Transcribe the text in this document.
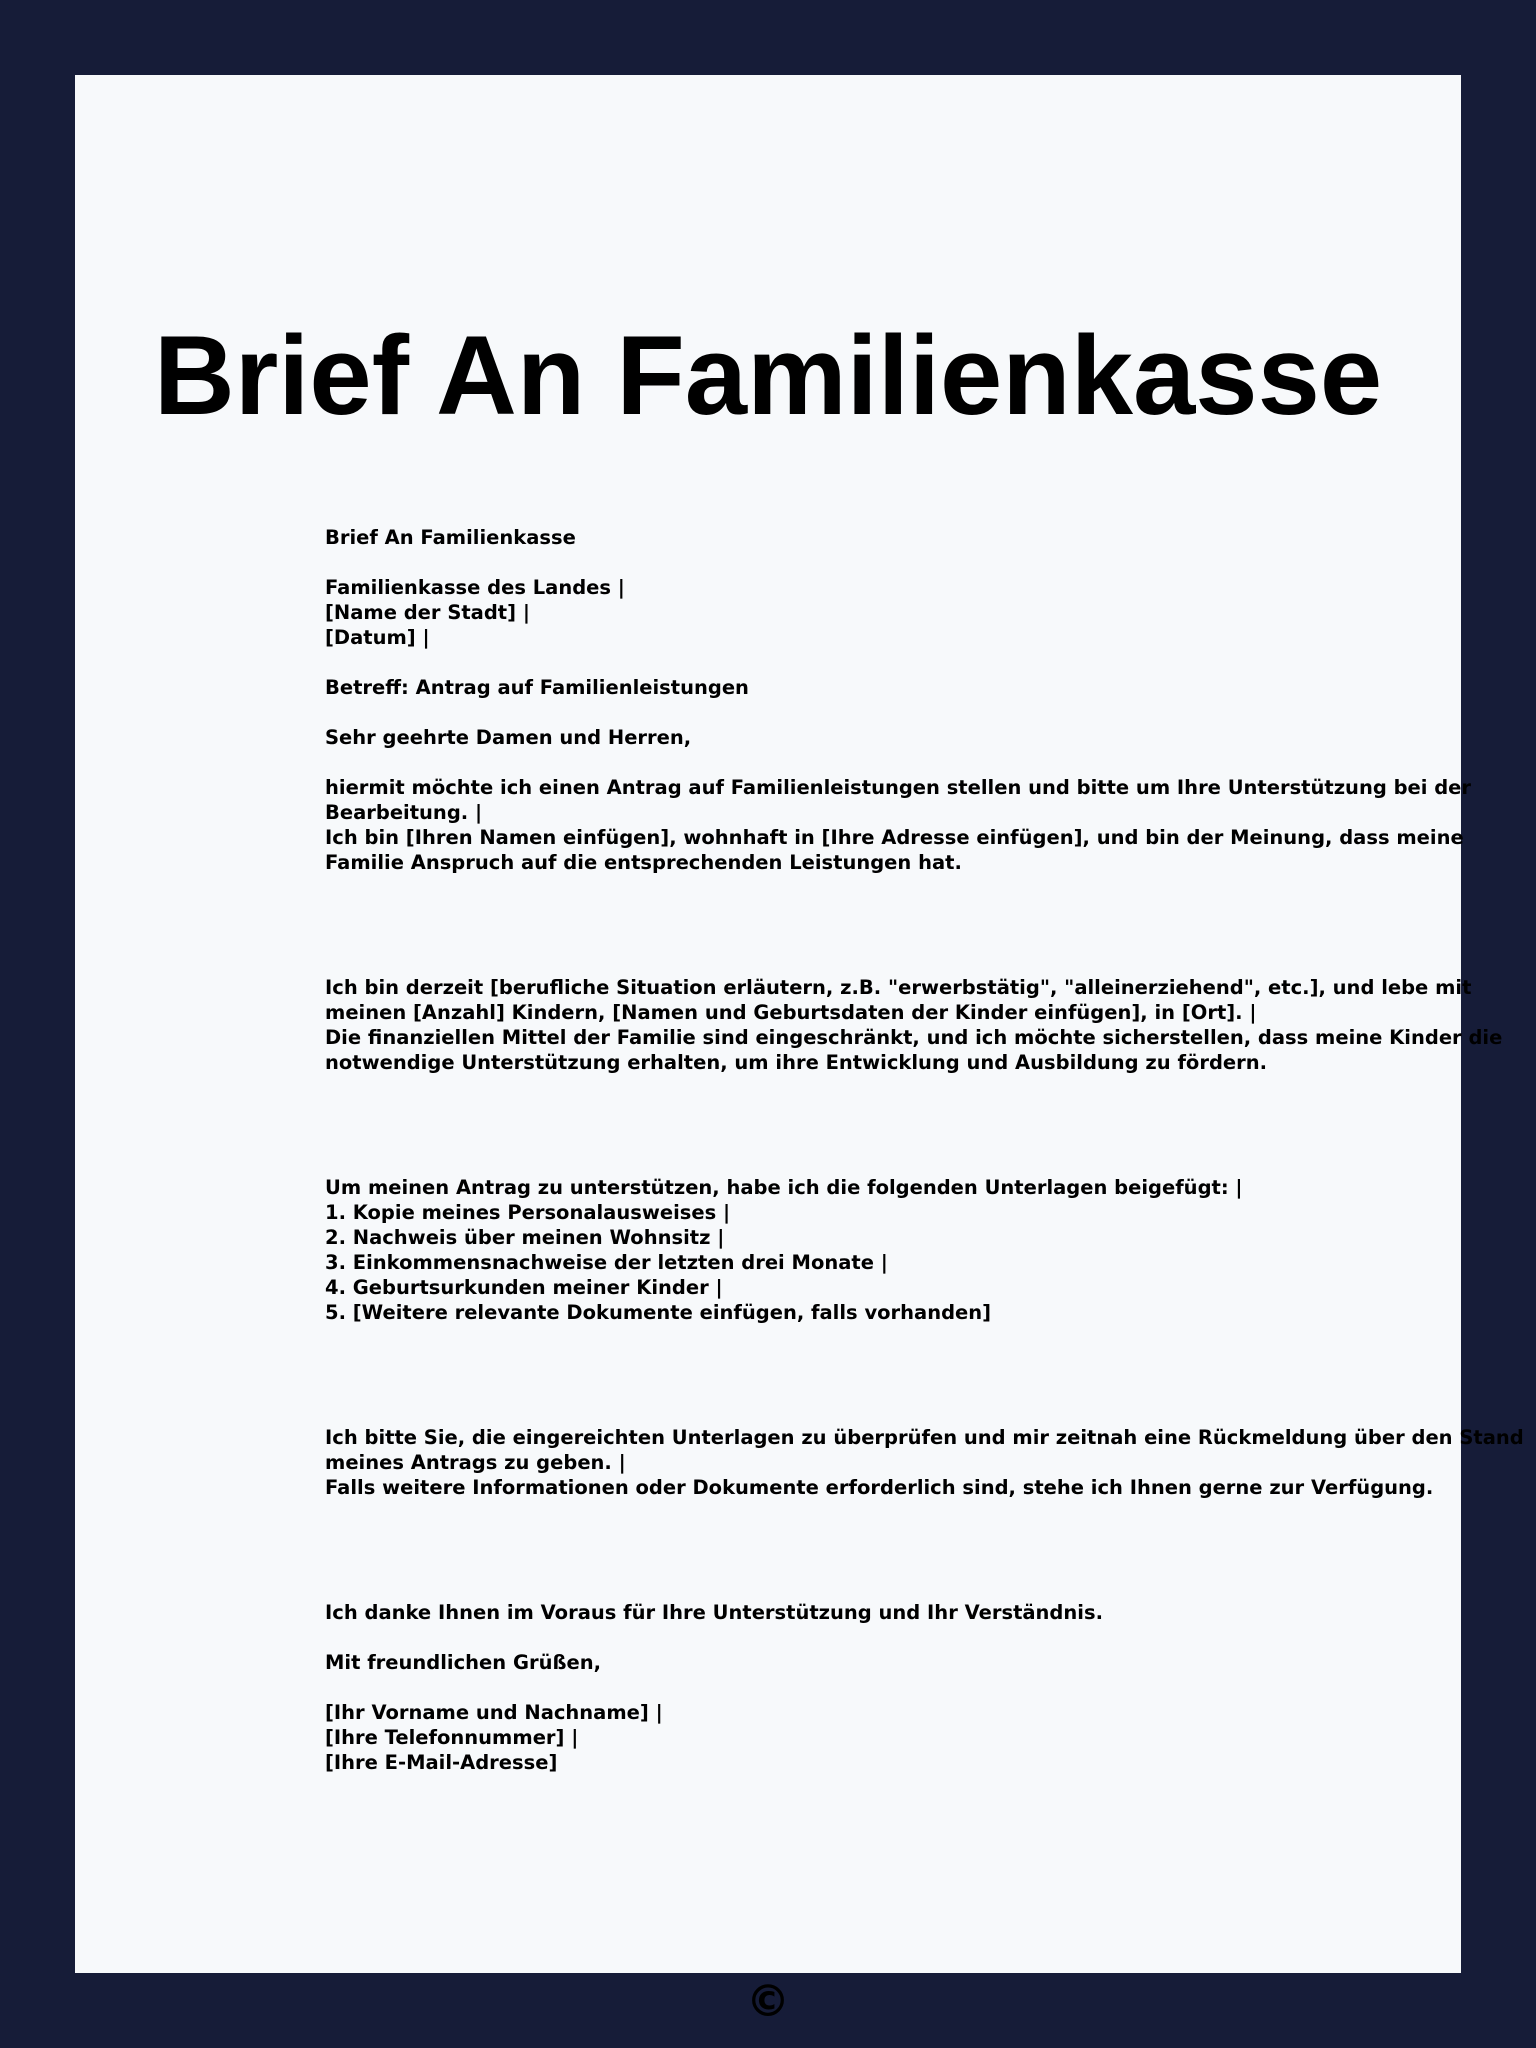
Brief An Familienkasse
Brief An Familienkasse
Familienkasse des Landes |
[Name der Stadt] |
[Datum] |
Betreff: Antrag auf Familienleistungen
Sehr geehrte Damen und Herren,
hiermit möchte ich einen Antrag auf Familienleistungen stellen und bitte um Ihre Unterstützung bei der
Bearbeitung. |
Ich bin [Ihren Namen einfügen], wohnhaft in [Ihre Adresse einfügen], und bin der Meinung, dass meine
Familie Anspruch auf die entsprechenden Leistungen hat.
Ich bin derzeit [berufliche Situation erläutern, z.B. "erwerbstätig", "alleinerziehend", etc.], und lebe mit
meinen [Anzahl] Kindern, [Namen und Geburtsdaten der Kinder einfügen], in [Ort]. |
Die finanziellen Mittel der Familie sind eingeschränkt, und ich möchte sicherstellen, dass meine Kinder die
notwendige Unterstützung erhalten, um ihre Entwicklung und Ausbildung zu fördern.
Um meinen Antrag zu unterstützen, habe ich die folgenden Unterlagen beigefügt: |
1. Kopie meines Personalausweises |
2. Nachweis über meinen Wohnsitz |
3. Einkommensnachweise der letzten drei Monate |
4. Geburtsurkunden meiner Kinder |
5. [Weitere relevante Dokumente einfügen, falls vorhanden]
Ich bitte Sie, die eingereichten Unterlagen zu überprüfen und mir zeitnah eine Rückmeldung über den Stand
meines Antrags zu geben. |
Falls weitere Informationen oder Dokumente erforderlich sind, stehe ich Ihnen gerne zur Verfügung.
Ich danke Ihnen im Voraus für Ihre Unterstützung und Ihr Verständnis.
Mit freundlichen Grüßen,
[Ihr Vorname und Nachname] |
[Ihre Telefonnummer] |
[Ihre E-Mail-Adresse]
©
